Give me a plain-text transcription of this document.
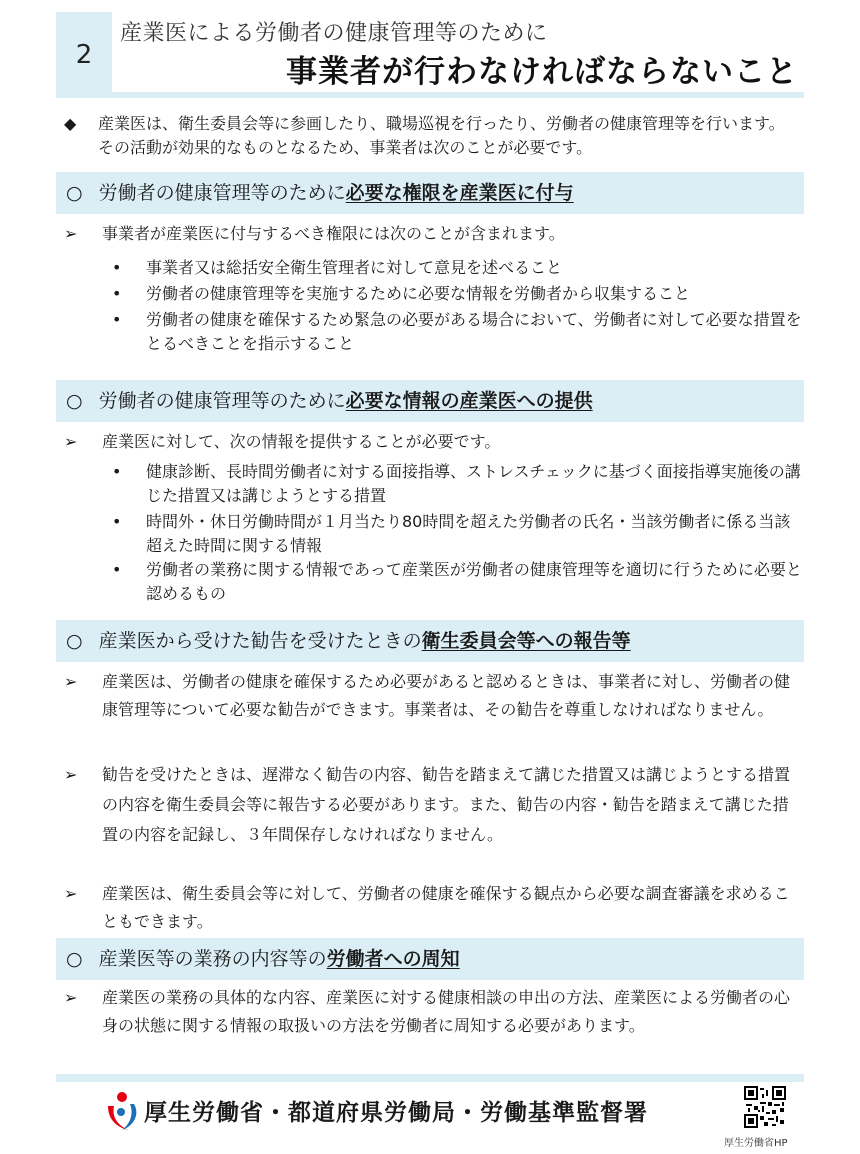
2
産業医による労働者の健康管理等のために
事業者が行わなければならないこと
◆ 産業医は、衛生委員会等に参画したり、職場巡視を行ったり、労働者の健康管理等を行います。その活動が効果的なものとなるため、事業者は次のことが必要です。
○ 労働者の健康管理等のために必要な権限を産業医に付与
➢ 事業者が産業医に付与するべき権限には次のことが含まれます。
• 事業者又は総括安全衛生管理者に対して意見を述べること
• 労働者の健康管理等を実施するために必要な情報を労働者から収集すること
• 労働者の健康を確保するため緊急の必要がある場合において、労働者に対して必要な措置をとるべきことを指示すること
○ 労働者の健康管理等のために必要な情報の産業医への提供
➢ 産業医に対して、次の情報を提供することが必要です。
• 健康診断、長時間労働者に対する面接指導、ストレスチェックに基づく面接指導実施後の講じた措置又は講じようとする措置
• 時間外・休日労働時間が１月当たり80時間を超えた労働者の氏名・当該労働者に係る当該超えた時間に関する情報
• 労働者の業務に関する情報であって産業医が労働者の健康管理等を適切に行うために必要と認めるもの
○ 産業医から受けた勧告を受けたときの衛生委員会等への報告等
➢ 産業医は、労働者の健康を確保するため必要があると認めるときは、事業者に対し、労働者の健康管理等について必要な勧告ができます。事業者は、その勧告を尊重しなければなりません。
➢ 勧告を受けたときは、遅滞なく勧告の内容、勧告を踏まえて講じた措置又は講じようとする措置の内容を衛生委員会等に報告する必要があります。また、勧告の内容・勧告を踏まえて講じた措置の内容を記録し、３年間保存しなければなりません。
➢ 産業医は、衛生委員会等に対して、労働者の健康を確保する観点から必要な調査審議を求めることもできます。
○ 産業医等の業務の内容等の労働者への周知
➢ 産業医の業務の具体的な内容、産業医に対する健康相談の申出の方法、産業医による労働者の心身の状態に関する情報の取扱いの方法を労働者に周知する必要があります。
厚生労働省・都道府県労働局・労働基準監督署
厚生労働省HP
